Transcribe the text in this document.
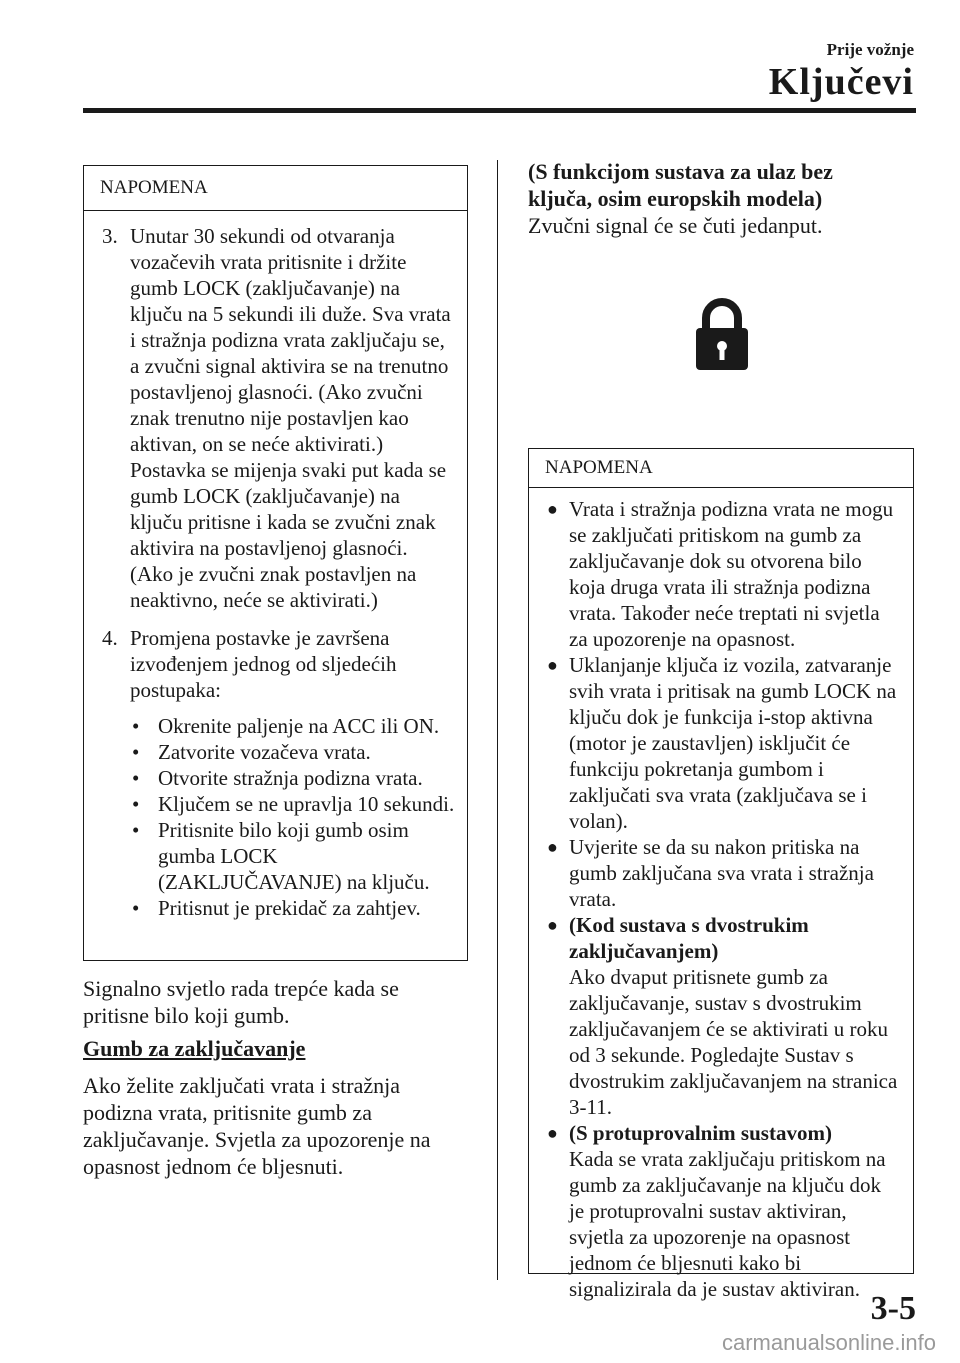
Prije vožnje
Ključevi
NAPOMENA
3. Unutar 30 sekundi od otvaranja vozačevih vrata pritisnite i držite gumb LOCK (zaključavanje) na ključu na 5 sekundi ili duže. Sva vrata i stražnja podizna vrata zaključaju se, a zvučni signal aktivira se na trenutno postavljenoj glasnoći. (Ako zvučni znak trenutno nije postavljen kao aktivan, on se neće aktivirati.) Postavka se mijenja svaki put kada se gumb LOCK (zaključavanje) na ključu pritisne i kada se zvučni znak aktivira na postavljenoj glasnoći. (Ako je zvučni znak postavljen na neaktivno, neće se aktivirati.)
4. Promjena postavke je završena izvođenjem jednog od sljedećih postupaka:
• Okrenite paljenje na ACC ili ON.
• Zatvorite vozačeva vrata.
• Otvorite stražnja podizna vrata.
• Ključem se ne upravlja 10 sekundi.
• Pritisnite bilo koji gumb osim gumba LOCK (ZAKLJUČAVANJE) na ključu.
• Pritisnut je prekidač za zahtjev.
Signalno svjetlo rada trepće kada se pritisne bilo koji gumb.
Gumb za zaključavanje
Ako želite zaključati vrata i stražnja podizna vrata, pritisnite gumb za zaključavanje. Svjetla za upozorenje na opasnost jednom će bljesnuti.
(S funkcijom sustava za ulaz bez ključa, osim europskih modela)
Zvučni signal će se čuti jedanput.
NAPOMENA
● Vrata i stražnja podizna vrata ne mogu se zaključati pritiskom na gumb za zaključavanje dok su otvorena bilo koja druga vrata ili stražnja podizna vrata. Također neće treptati ni svjetla za upozorenje na opasnost.
● Uklanjanje ključa iz vozila, zatvaranje svih vrata i pritisak na gumb LOCK na ključu dok je funkcija i-stop aktivna (motor je zaustavljen) isključit će funkciju pokretanja gumbom i zaključati sva vrata (zaključava se i volan).
● Uvjerite se da su nakon pritiska na gumb zaključana sva vrata i stražnja vrata.
● (Kod sustava s dvostrukim zaključavanjem)
Ako dvaput pritisnete gumb za zaključavanje, sustav s dvostrukim zaključavanjem će se aktivirati u roku od 3 sekunde. Pogledajte Sustav s dvostrukim zaključavanjem na stranica 3-11.
● (S protuprovalnim sustavom)
Kada se vrata zaključaju pritiskom na gumb za zaključavanje na ključu dok je protuprovalni sustav aktiviran, svjetla za upozorenje na opasnost jednom će bljesnuti kako bi signalizirala da je sustav aktiviran.
3-5
carmanualsonline.info
